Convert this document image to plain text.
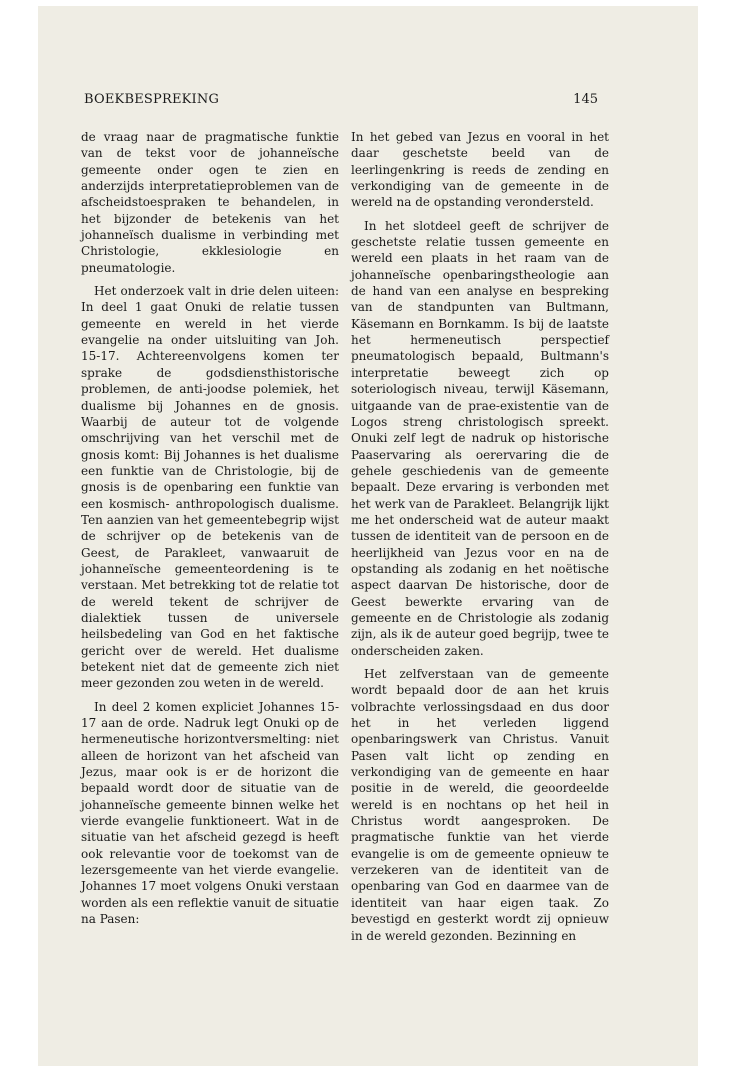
BOEKBESPREKING	145

de vraag naar de pragmatische funktie van de tekst voor de johanneïsche gemeente onder ogen te zien en anderzijds interpretatieproblemen van de afscheidstoespraken te behandelen, in het bijzonder de betekenis van het johanneïsch dualisme in verbinding met Christologie, ekklesiologie en pneumatologie.

Het onderzoek valt in drie delen uiteen: In deel 1 gaat Onuki de relatie tussen gemeente en wereld in het vierde evangelie na onder uitsluiting van Joh. 15-17. Achtereenvolgens komen ter sprake de godsdiensthistorische problemen, de anti-joodse polemiek, het dualisme bij Johannes en de gnosis. Waarbij de auteur tot de volgende omschrijving van het verschil met de gnosis komt: Bij Johannes is het dualisme een funktie van de Christologie, bij de gnosis is de openbaring een funktie van een kosmisch- anthropologisch dualisme. Ten aanzien van het gemeentebegrip wijst de schrijver op de betekenis van de Geest, de Parakleet, vanwaaruit de johanneïsche gemeenteordening is te verstaan. Met betrekking tot de relatie tot de wereld tekent de schrijver de dialektiek tussen de universele heilsbedeling van God en het faktische gericht over de wereld. Het dualisme betekent niet dat de gemeente zich niet meer gezonden zou weten in de wereld.

In deel 2 komen expliciet Johannes 15-17 aan de orde. Nadruk legt Onuki op de hermeneutische horizontversmelting: niet alleen de horizont van het afscheid van Jezus, maar ook is er de horizont die bepaald wordt door de situatie van de johanneïsche gemeente binnen welke het vierde evangelie funktioneert. Wat in de situatie van het afscheid gezegd is heeft ook relevantie voor de toekomst van de lezersgemeente van het vierde evangelie. Johannes 17 moet volgens Onuki verstaan worden als een reflektie vanuit de situatie na Pasen:

In het gebed van Jezus en vooral in het daar geschetste beeld van de leerlingenkring is reeds de zending en verkondiging van de gemeente in de wereld na de opstanding verondersteld.

In het slotdeel geeft de schrijver de geschetste relatie tussen gemeente en wereld een plaats in het raam van de johanneïsche openbaringstheologie aan de hand van een analyse en bespreking van de standpunten van Bultmann, Käsemann en Bornkamm. Is bij de laatste het hermeneutisch perspectief pneumatologisch bepaald, Bultmann's interpretatie beweegt zich op soteriologisch niveau, terwijl Käsemann, uitgaande van de prae-existentie van de Logos streng christologisch spreekt. Onuki zelf legt de nadruk op historische Paaservaring als oerervaring die de gehele geschiedenis van de gemeente bepaalt. Deze ervaring is verbonden met het werk van de Parakleet. Belangrijk lijkt me het onderscheid wat de auteur maakt tussen de identiteit van de persoon en de heerlijkheid van Jezus voor en na de opstanding als zodanig en het noëtische aspect daarvan De historische, door de Geest bewerkte ervaring van de gemeente en de Christologie als zodanig zijn, als ik de auteur goed begrijp, twee te onderscheiden zaken.

Het zelfverstaan van de gemeente wordt bepaald door de aan het kruis volbrachte verlossingsdaad en dus door het in het verleden liggend openbaringswerk van Christus. Vanuit Pasen valt licht op zending en verkondiging van de gemeente en haar positie in de wereld, die geoordeelde wereld is en nochtans op het heil in Christus wordt aangesproken. De pragmatische funktie van het vierde evangelie is om de gemeente opnieuw te verzekeren van de identiteit van de openbaring van God en daarmee van de identiteit van haar eigen taak. Zo bevestigd en gesterkt wordt zij opnieuw in de wereld gezonden. Bezinning en
